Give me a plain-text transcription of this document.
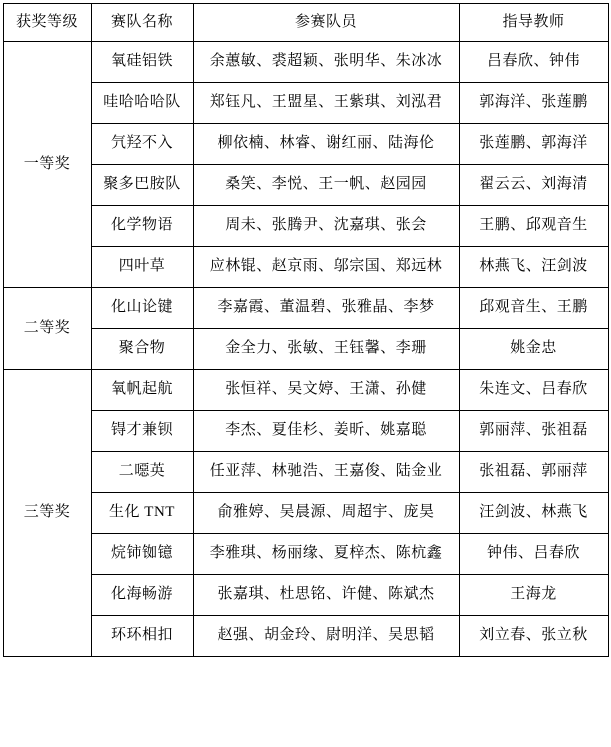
获奖等级	赛队名称	参赛队员	指导教师
一等奖	氧硅铝铁	余蕙敏、裘超颖、张明华、朱冰冰	吕春欣、钟伟
	哇哈哈哈队	郑钰凡、王盟星、王紫琪、刘泓君	郭海洋、张莲鹏
	氕羟不入	柳依楠、林睿、谢红丽、陆海伦	张莲鹏、郭海洋
	聚多巴胺队	桑笑、李悦、王一帆、赵园园	翟云云、刘海清
	化学物语	周未、张腾尹、沈嘉琪、张会	王鹏、邱观音生
	四叶草	应林锟、赵京雨、邬宗国、郑远林	林燕飞、汪剑波
二等奖	化山论键	李嘉霞、董温碧、张雅晶、李梦	邱观音生、王鹏
	聚合物	金全力、张敏、王钰馨、李珊	姚金忠
三等奖	氧帆起航	张恒祥、吴文婷、王潇、孙健	朱连文、吕春欣
	锝才兼钡	李杰、夏佳杉、姜昕、姚嘉聪	郭丽萍、张祖磊
	二噁英	任亚萍、林驰浩、王嘉俊、陆金业	张祖磊、郭丽萍
	生化 TNT	俞雅婷、吴晨源、周超宇、庞昊	汪剑波、林燕飞
	烷铈铷镱	李雅琪、杨丽缘、夏梓杰、陈杭鑫	钟伟、吕春欣
	化海畅游	张嘉琪、杜思铭、许健、陈斌杰	王海龙
	环环相扣	赵强、胡金玲、尉明洋、吴思韬	刘立春、张立秋
